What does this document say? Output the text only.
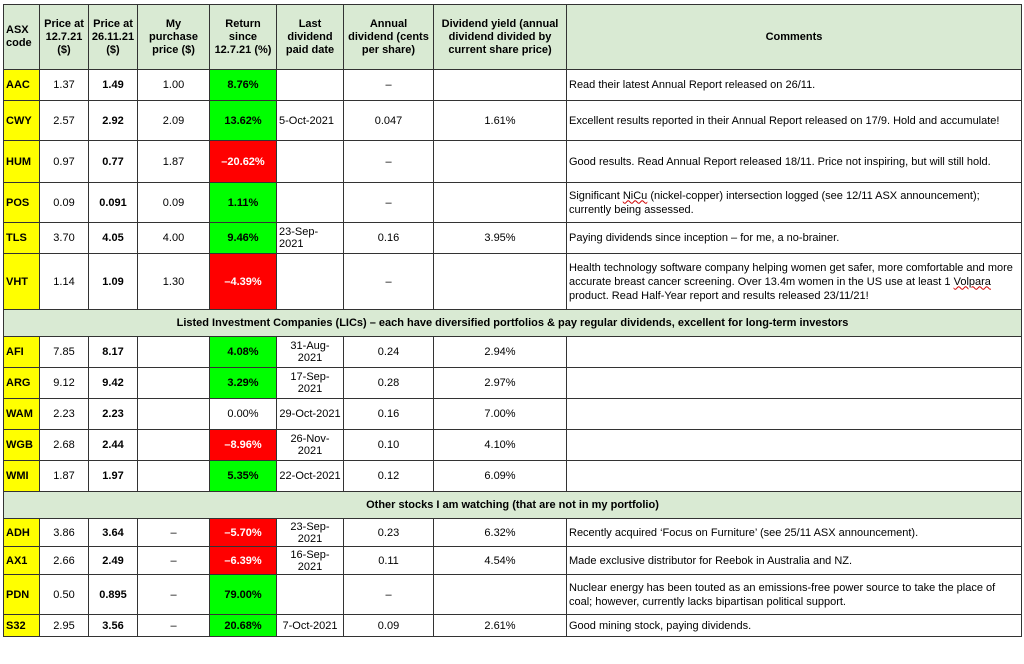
ASX code	Price at 12.7.21 ($)	Price at 26.11.21 ($)	My purchase price ($)	Return since 12.7.21 (%)	Last dividend paid date	Annual dividend (cents per share)	Dividend yield (annual dividend divided by current share price)	Comments
AAC	1.37	1.49	1.00	8.76%		–		Read their latest Annual Report released on 26/11.
CWY	2.57	2.92	2.09	13.62%	5-Oct-2021	0.047	1.61%	Excellent results reported in their Annual Report released on 17/9. Hold and accumulate!
HUM	0.97	0.77	1.87	–20.62%		–		Good results. Read Annual Report released 18/11. Price not inspiring, but will still hold.
POS	0.09	0.091	0.09	1.11%		–		Significant NiCu (nickel-copper) intersection logged (see 12/11 ASX announcement); currently being assessed.
TLS	3.70	4.05	4.00	9.46%	23-Sep-2021	0.16	3.95%	Paying dividends since inception – for me, a no-brainer.
VHT	1.14	1.09	1.30	–4.39%		–		Health technology software company helping women get safer, more comfortable and more accurate breast cancer screening. Over 13.4m women in the US use at least 1 Volpara product. Read Half-Year report and results released 23/11/21!
Listed Investment Companies (LICs) – each have diversified portfolios & pay regular dividends, excellent for long-term investors								
AFI	7.85	8.17		4.08%	31-Aug-2021	0.24	2.94%	
ARG	9.12	9.42		3.29%	17-Sep-2021	0.28	2.97%	
WAM	2.23	2.23		0.00%	29-Oct-2021	0.16	7.00%	
WGB	2.68	2.44		–8.96%	26-Nov-2021	0.10	4.10%	
WMI	1.87	1.97		5.35%	22-Oct-2021	0.12	6.09%	
Other stocks I am watching (that are not in my portfolio)								
ADH	3.86	3.64	–	–5.70%	23-Sep-2021	0.23	6.32%	Recently acquired ‘Focus on Furniture’ (see 25/11 ASX announcement).
AX1	2.66	2.49	–	–6.39%	16-Sep-2021	0.11	4.54%	Made exclusive distributor for Reebok in Australia and NZ.
PDN	0.50	0.895	–	79.00%		–		Nuclear energy has been touted as an emissions-free power source to take the place of coal; however, currently lacks bipartisan political support.
S32	2.95	3.56	–	20.68%	7-Oct-2021	0.09	2.61%	Good mining stock, paying dividends.
